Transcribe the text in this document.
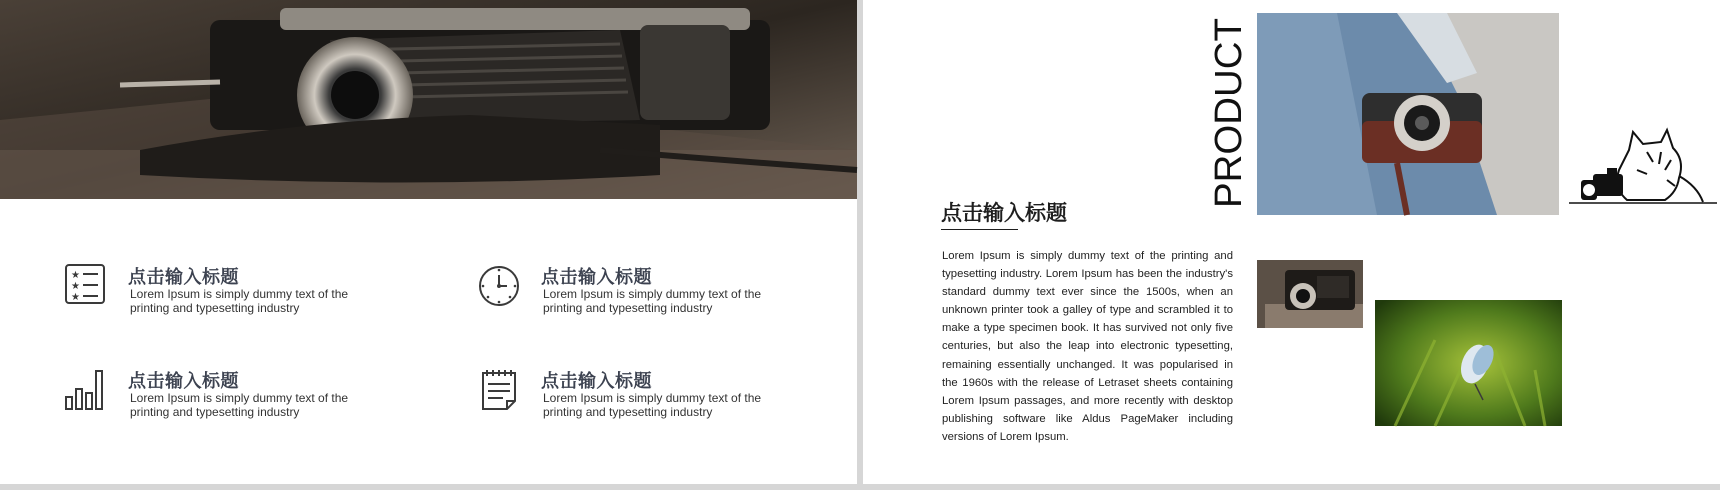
★
★
★
点击输入标题
Lorem Ipsum is simply dummy text of the printing and typesetting industry
点击输入标题
Lorem Ipsum is simply dummy text of the printing and typesetting industry
点击输入标题
Lorem Ipsum is simply dummy text of the printing and typesetting industry
点击输入标题
Lorem Ipsum is simply dummy text of the printing and typesetting industry
PRODUCT
点击输入标题
Lorem Ipsum is simply dummy text of the printing and typesetting industry. Lorem Ipsum has been the industry's standard dummy text ever since the 1500s, when an unknown printer took a galley of type and scrambled it to make a type specimen book. It has survived not only five centuries, but also the leap into electronic typesetting, remaining essentially unchanged. It was popularised in the 1960s with the release of Letraset sheets containing Lorem Ipsum passages, and more recently with desktop publishing software like Aldus PageMaker including versions of Lorem Ipsum.
